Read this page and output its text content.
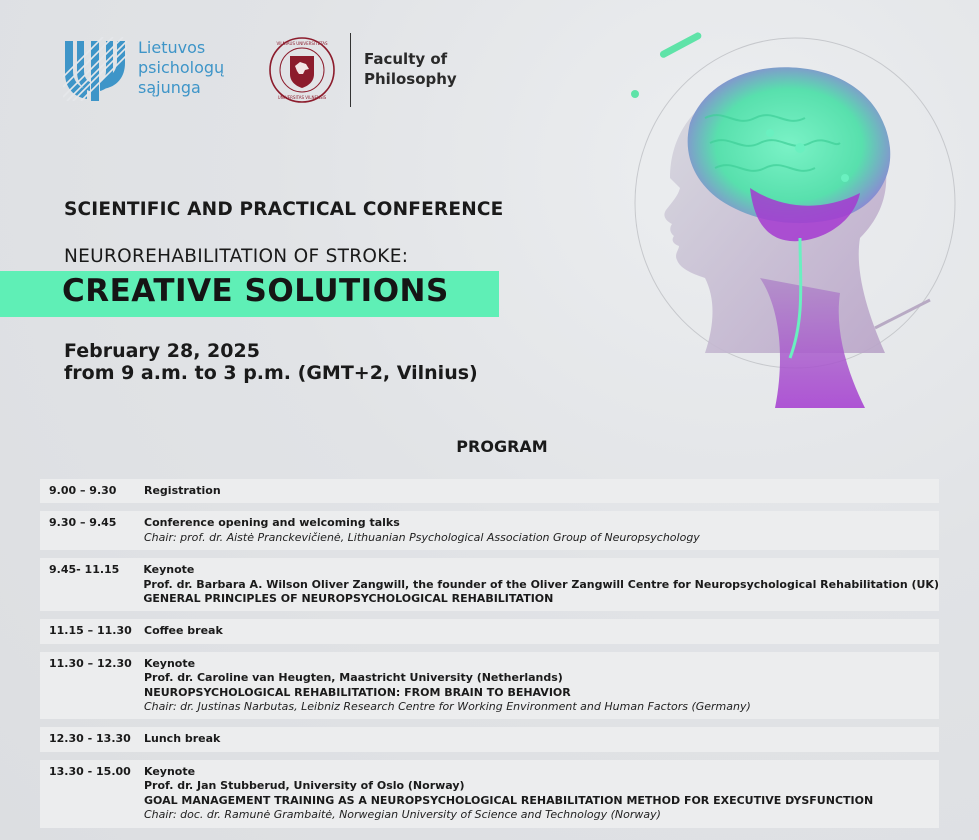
Lietuvos
psichologų
sąjunga
VILNIAUS UNIVERSITETAS
UNIVERSITAS VILNENSIS
Faculty of
Philosophy
SCIENTIFIC AND PRACTICAL CONFERENCE
NEUROREHABILITATION OF STROKE:
CREATIVE SOLUTIONS
February 28, 2025
from 9 a.m. to 3 p.m. (GMT+2, Vilnius)
PROGRAM
9.00 – 9.30	Registration
9.30 – 9.45	Conference opening and welcoming talks
Chair: prof. dr. Aistė Pranckevičienė, Lithuanian Psychological Association Group of Neuropsychology
9.45- 11.15	Keynote
Prof. dr. Barbara A. Wilson Oliver Zangwill, the founder of the Oliver Zangwill Centre for Neuropsychological Rehabilitation (UK)
GENERAL PRINCIPLES OF NEUROPSYCHOLOGICAL REHABILITATION
11.15 – 11.30	Coffee break
11.30 – 12.30	Keynote
Prof. dr. Caroline van Heugten, Maastricht University (Netherlands)
NEUROPSYCHOLOGICAL REHABILITATION: FROM BRAIN TO BEHAVIOR
Chair: dr. Justinas Narbutas, Leibniz Research Centre for Working Environment and Human Factors (Germany)
12.30 - 13.30	Lunch break
13.30 - 15.00	Keynote
Prof. dr. Jan Stubberud, University of Oslo (Norway)
GOAL MANAGEMENT TRAINING AS A NEUROPSYCHOLOGICAL REHABILITATION METHOD FOR EXECUTIVE DYSFUNCTION
Chair: doc. dr. Ramunė Grambaitė, Norwegian University of Science and Technology (Norway)
